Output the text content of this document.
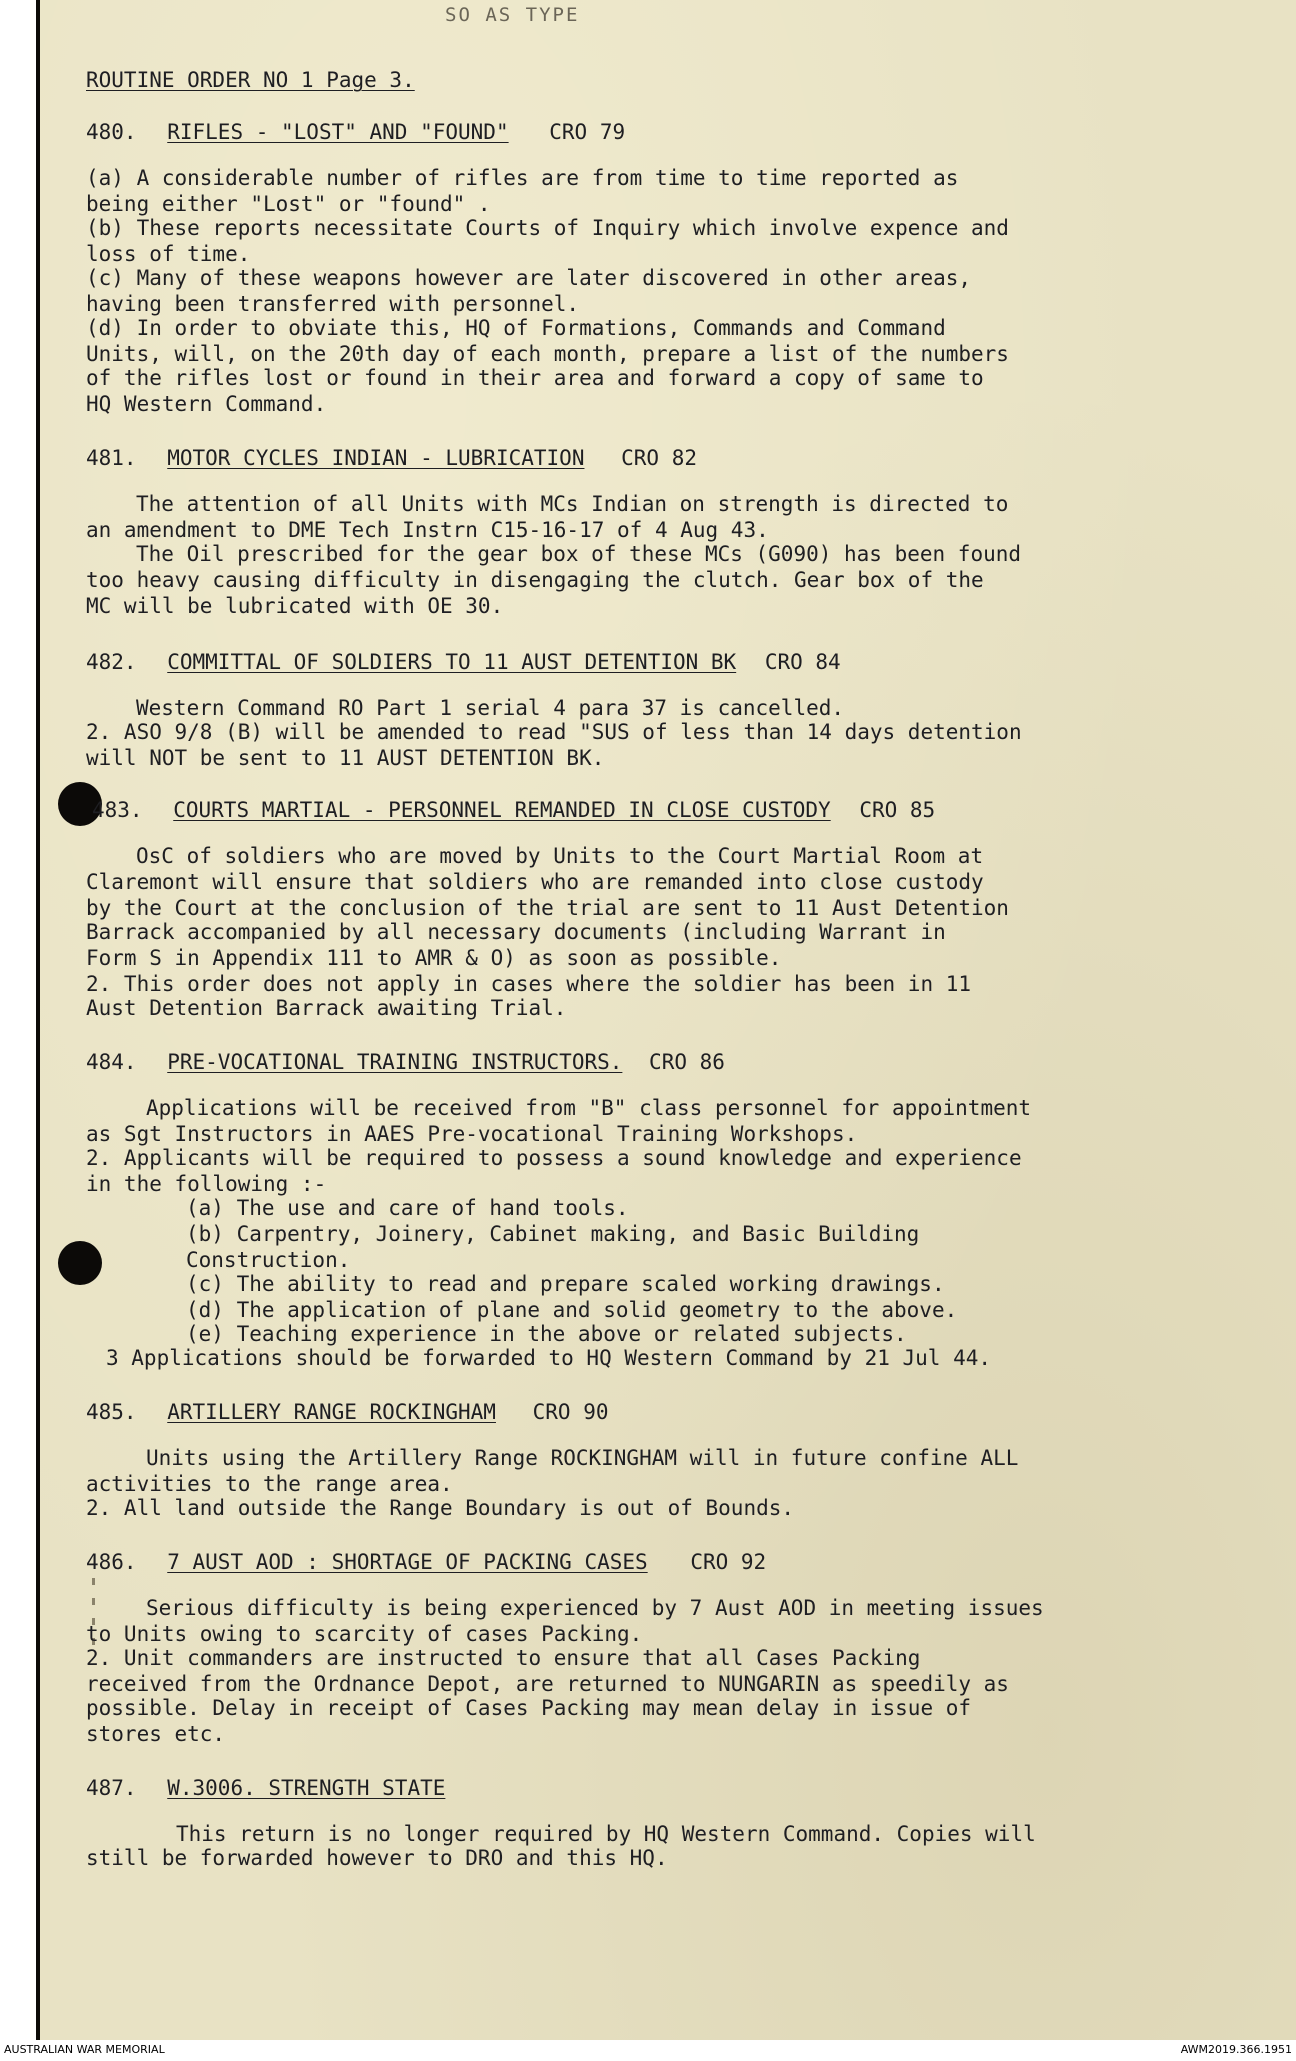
SO AS TYPE
ROUTINE ORDER NO 1 Page 3.
480. RIFLES - "LOST" AND "FOUND" CRO 79
(a) A considerable number of rifles are from time to time reported as
being either "Lost" or "found" .
(b) These reports necessitate Courts of Inquiry which involve expence and
loss of time.
(c) Many of these weapons however are later discovered in other areas,
having been transferred with personnel.
(d) In order to obviate this, HQ of Formations, Commands and Command
Units, will, on the 20th day of each month, prepare a list of the numbers
of the rifles lost or found in their area and forward a copy of same to
HQ Western Command.
481. MOTOR CYCLES INDIAN - LUBRICATION CRO 82
The attention of all Units with MCs Indian on strength is directed to
an amendment to DME Tech Instrn C15-16-17 of 4 Aug 43.
The Oil prescribed for the gear box of these MCs (G090) has been found
too heavy causing difficulty in disengaging the clutch. Gear box of the
MC will be lubricated with OE 30.
482. COMMITTAL OF SOLDIERS TO 11 AUST DETENTION BK CRO 84
Western Command RO Part 1 serial 4 para 37 is cancelled.
2. ASO 9/8 (B) will be amended to read "SUS of less than 14 days detention
will NOT be sent to 11 AUST DETENTION BK.
483. COURTS MARTIAL - PERSONNEL REMANDED IN CLOSE CUSTODY CRO 85
OsC of soldiers who are moved by Units to the Court Martial Room at
Claremont will ensure that soldiers who are remanded into close custody
by the Court at the conclusion of the trial are sent to 11 Aust Detention
Barrack accompanied by all necessary documents (including Warrant in
Form S in Appendix 111 to AMR & O) as soon as possible.
2. This order does not apply in cases where the soldier has been in 11
Aust Detention Barrack awaiting Trial.
484. PRE-VOCATIONAL TRAINING INSTRUCTORS. CRO 86
Applications will be received from "B" class personnel for appointment
as Sgt Instructors in AAES Pre-vocational Training Workshops.
2. Applicants will be required to possess a sound knowledge and experience
in the following :-
(a) The use and care of hand tools.
(b) Carpentry, Joinery, Cabinet making, and Basic Building
Construction.
(c) The ability to read and prepare scaled working drawings.
(d) The application of plane and solid geometry to the above.
(e) Teaching experience in the above or related subjects.
3 Applications should be forwarded to HQ Western Command by 21 Jul 44.
485. ARTILLERY RANGE ROCKINGHAM CRO 90
Units using the Artillery Range ROCKINGHAM will in future confine ALL
activities to the range area.
2. All land outside the Range Boundary is out of Bounds.
486. 7 AUST AOD : SHORTAGE OF PACKING CASES CRO 92
Serious difficulty is being experienced by 7 Aust AOD in meeting issues
to Units owing to scarcity of cases Packing.
2. Unit commanders are instructed to ensure that all Cases Packing
received from the Ordnance Depot, are returned to NUNGARIN as speedily as
possible. Delay in receipt of Cases Packing may mean delay in issue of
stores etc.
487. W.3006. STRENGTH STATE
This return is no longer required by HQ Western Command. Copies will
still be forwarded however to DRO and this HQ.
AUSTRALIAN WAR MEMORIAL	AWM2019.366.1951
